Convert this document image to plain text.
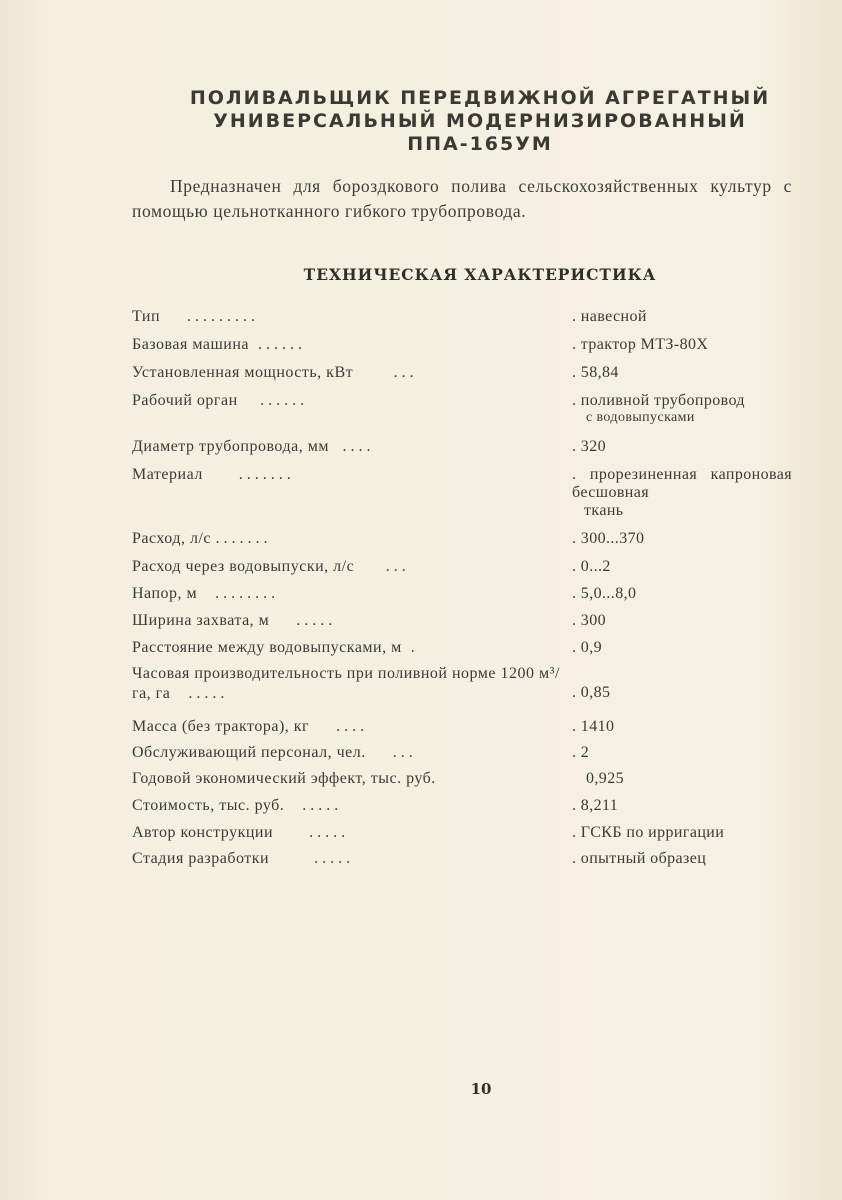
ПОЛИВАЛЬЩИК ПЕРЕДВИЖНОЙ АГРЕГАТНЫЙ
УНИВЕРСАЛЬНЫЙ МОДЕРНИЗИРОВАННЫЙ
ППА-165УМ

Предназначен для бороздкового полива сельскохозяйственных культур с помощью цельнотканного гибкого трубопровода.

ТЕХНИЧЕСКАЯ ХАРАКТЕРИСТИКА
Тип . . . . . . . . .	. навесной
Базовая машина . . . . . .	. трактор МТЗ-80Х
Установленная мощность, кВт	. . .	. 58,84
Рабочий орган . . . . . .	. поливной трубопровод
с водовыпусками
Диаметр трубопровода, мм . . . .	. 320
Материал . . . . . . .	. прорезиненная капроновая бесшовная
ткань
Расход, л/с . . . . . . .	. 300...370
Расход через водовыпуски, л/с . . .	. 0...2
Напор, м . . . . . . . .	. 5,0...8,0
Ширина захвата, м . . . . .	. 300
Расстояние между водовыпусками, м .	. 0,9
Часовая производительность при поливной норме 1200 м³/га, га . . . . .	. 0,85
Масса (без трактора), кг . . . .	. 1410
Обслуживающий персонал, чел. . . .	. 2
Годовой экономический эффект, тыс. руб.	0,925
Стоимость, тыс. руб. . . . . .	. 8,211
Автор конструкции . . . . .	. ГСКБ по ирригации
Стадия разработки	. . . . .	. опытный образец
10
